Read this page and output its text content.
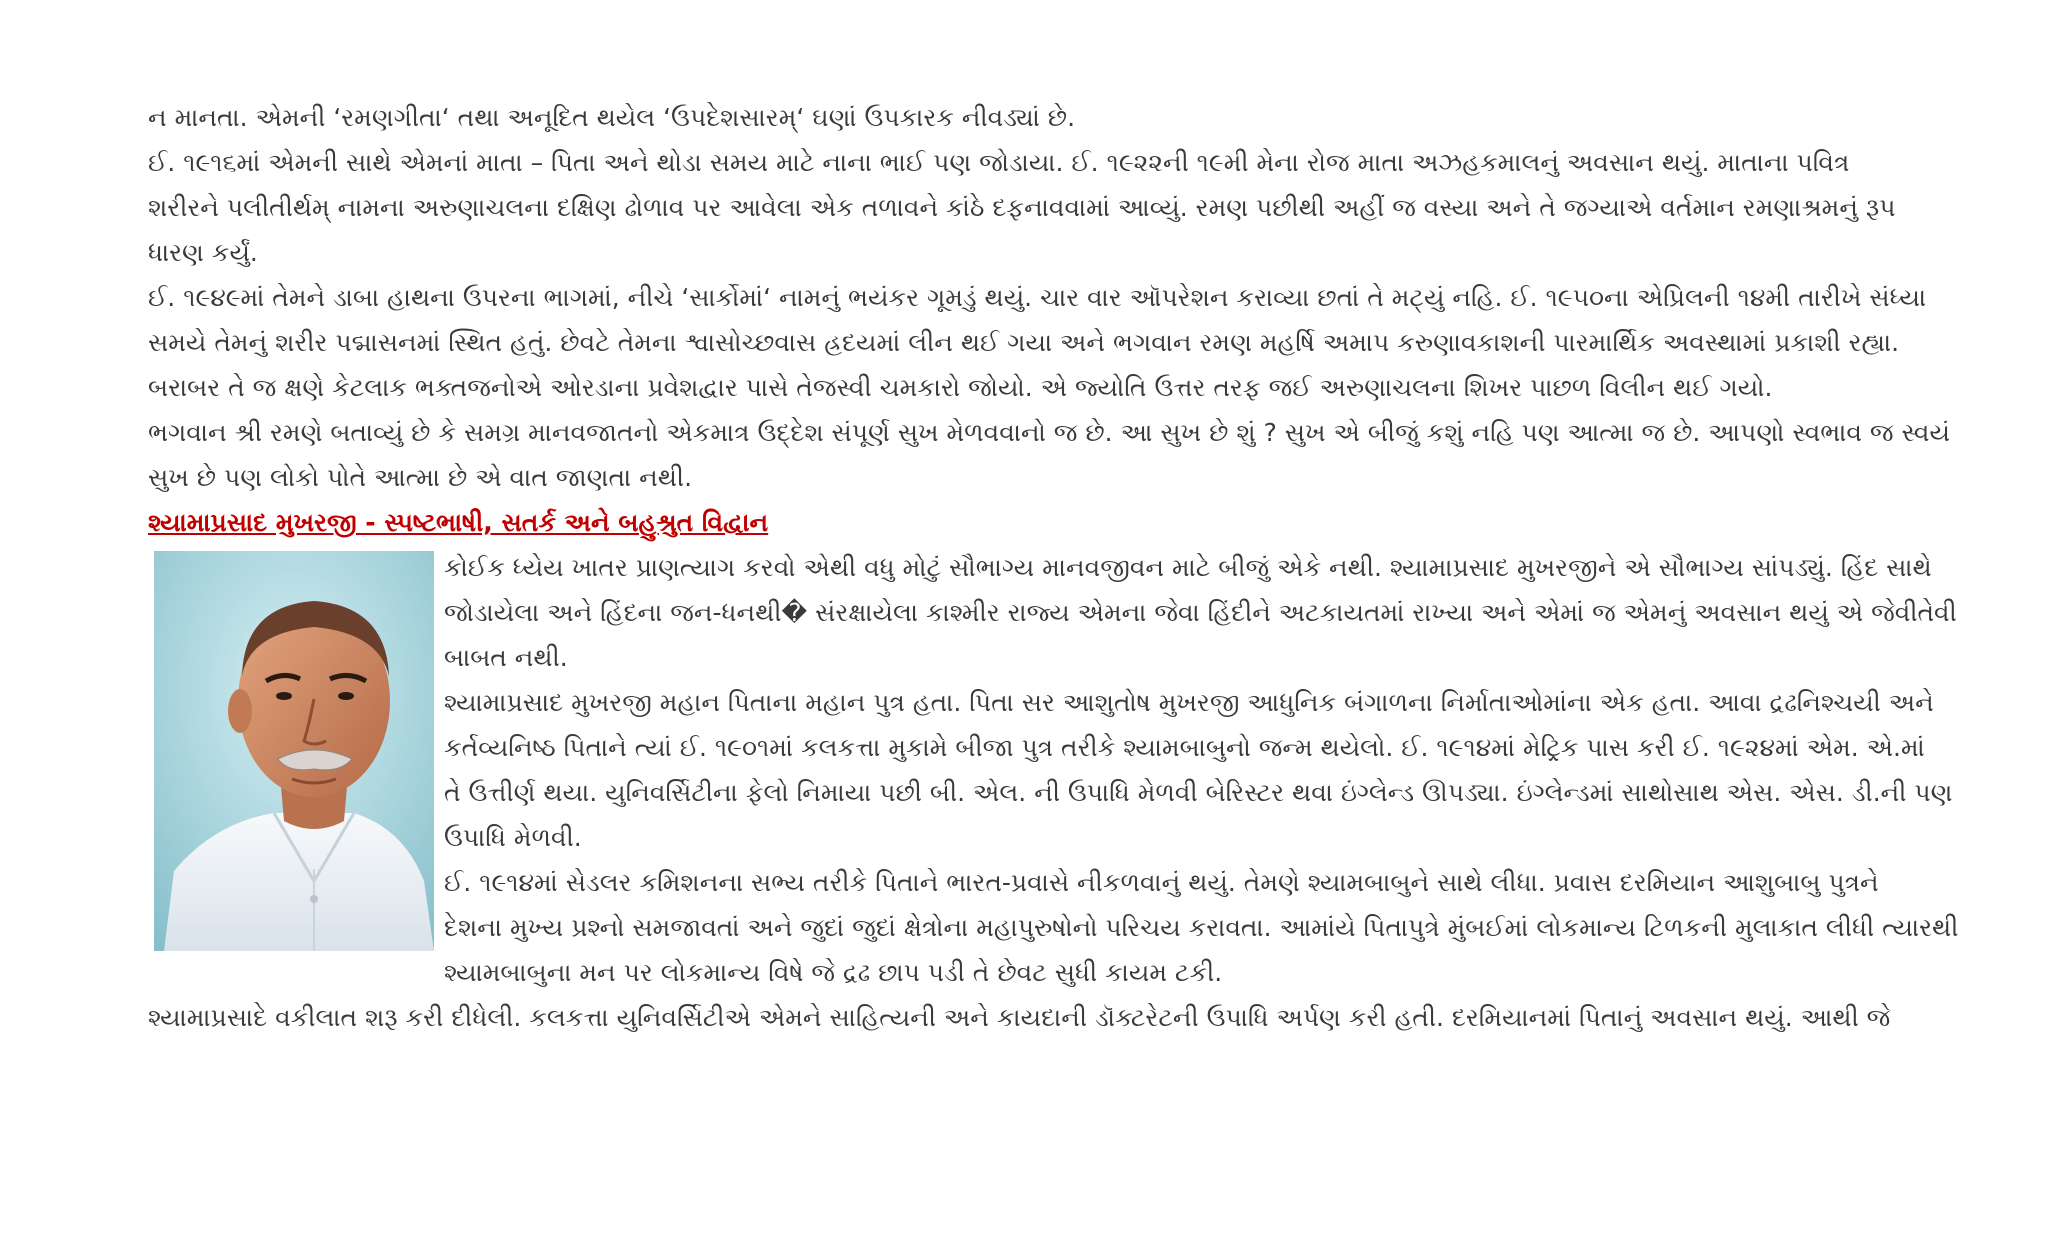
ન માનતા. એમની ‘રમણગીતા‘ તથા અનૂદિત થયેલ ‘ઉપદેશસારમ્‘ ઘણાં ઉપકારક નીવડ્યાં છે.

ઈ. ૧૯૧૬માં એમની સાથે એમનાં માતા – પિતા અને થોડા સમય માટે નાના ભાઈ પણ જોડાયા. ઈ. ૧૯૨૨ની ૧૯મી મેના રોજ માતા અઝહકમાલનું અવસાન થયું. માતાના પવિત્ર

શરીરને પલીતીર્થમ્ નામના અરુણાચલના દક્ષિણ ઢોળાવ પર આવેલા એક તળાવને કાંઠે દફનાવવામાં આવ્યું. રમણ પછીથી અહીં જ વસ્યા અને તે જગ્યાએ વર્તમાન રમણાશ્રમનું રૂપ

ધારણ કર્યું.

ઈ. ૧૯૪૯માં તેમને ડાબા હાથના ઉપરના ભાગમાં, નીચે ‘સાર્કોમાં‘ નામનું ભયંકર ગૂમડું થયું. ચાર વાર ઑપરેશન કરાવ્યા છતાં તે મટ્યું નહિ. ઈ. ૧૯૫૦ના એપ્રિલની ૧૪મી તારીખે સંધ્યા

સમયે તેમનું શરીર પદ્માસનમાં સ્થિત હતું. છેવટે તેમના શ્વાસોચ્છવાસ હ્રદયમાં લીન થઈ ગયા અને ભગવાન રમણ મહર્ષિ અમાપ કરુણાવકાશની પારમાર્થિક અવસ્થામાં પ્રકાશી રહ્યા.

બરાબર તે જ ક્ષણે કેટલાક ભક્તજનોએ ઓરડાના પ્રવેશદ્વાર પાસે તેજસ્વી ચમકારો જોયો. એ જ્યોતિ ઉત્તર તરફ જઈ અરુણાચલના શિખર પાછળ વિલીન થઈ ગયો.

ભગવાન શ્રી રમણે બતાવ્યું છે કે સમગ્ર માનવજાતનો એકમાત્ર ઉદ્દેશ સંપૂર્ણ સુખ મેળવવાનો જ છે. આ સુખ છે શું ? સુખ એ બીજું કશું નહિ પણ આત્મા જ છે. આપણો સ્વભાવ જ સ્વયં

સુખ છે પણ લોકો પોતે આત્મા છે એ વાત જાણતા નથી.

શ્યામાપ્રસાદ મુખરજી - સ્પષ્ટભાષી, સતર્ક અને બહુશ્રુત વિદ્વાન

કોઈક ધ્યેય ખાતર પ્રાણત્યાગ કરવો એથી વધુ મોટું સૌભાગ્ય માનવજીવન માટે બીજું એકે નથી. શ્યામાપ્રસાદ મુખરજીને એ સૌભાગ્ય સાંપડ્યું. હિંદ સાથે

જોડાયેલા અને હિંદના જન-ધનથી� સંરક્ષાયેલા કાશ્મીર રાજ્ય એમના જેવા હિંદીને અટકાયતમાં રાખ્યા અને એમાં જ એમનું અવસાન થયું એ જેવીતેવી

બાબત નથી.

શ્યામાપ્રસાદ મુખરજી મહાન પિતાના મહાન પુત્ર હતા. પિતા સર આશુતોષ મુખરજી આધુનિક બંગાળના નિર્માતાઓમાંના એક હતા. આવા દ્રઢનિશ્ચયી અને

કર્તવ્યનિષ્ઠ પિતાને ત્યાં ઈ. ૧૯૦૧માં કલકત્તા મુકામે બીજા પુત્ર તરીકે શ્યામબાબુનો જન્મ થયેલો. ઈ. ૧૯૧૪માં મેટ્રિક પાસ કરી ઈ. ૧૯૨૪માં એમ. એ.માં

તે ઉત્તીર્ણ થયા. યુનિવર્સિટીના ફેલો નિમાયા પછી બી. એલ. ની ઉપાધિ મેળવી બેરિસ્ટર થવા ઇંગ્લેન્ડ ઊપડ્યા. ઇંગ્લેન્ડમાં સાથોસાથ એસ. એસ. ડી.ની પણ

ઉપાધિ મેળવી.

ઈ. ૧૯૧૪માં સેડલર કમિશનના સભ્ય તરીકે પિતાને ભારત-પ્રવાસે નીકળવાનું થયું. તેમણે શ્યામબાબુને સાથે લીધા. પ્રવાસ દરમિયાન આશુબાબુ પુત્રને

દેશના મુખ્ય પ્રશ્નો સમજાવતાં અને જુદાં જુદાં ક્ષેત્રોના મહાપુરુષોનો પરિચય કરાવતા. આમાંયે પિતાપુત્રે મુંબઈમાં લોકમાન્ય ટિળકની મુલાકાત લીધી ત્યારથી

શ્યામબાબુના મન પર લોકમાન્ય વિષે જે દ્રઢ છાપ પડી તે છેવટ સુધી કાયમ ટકી.

શ્યામાપ્રસાદે વકીલાત શરૂ કરી દીધેલી. કલકત્તા યુનિવર્સિટીએ એમને સાહિત્યની અને કાયદાની ડૉક્ટરેટની ઉપાધિ અર્પણ કરી હતી. દરમિયાનમાં પિતાનું અવસાન થયું. આથી જે
